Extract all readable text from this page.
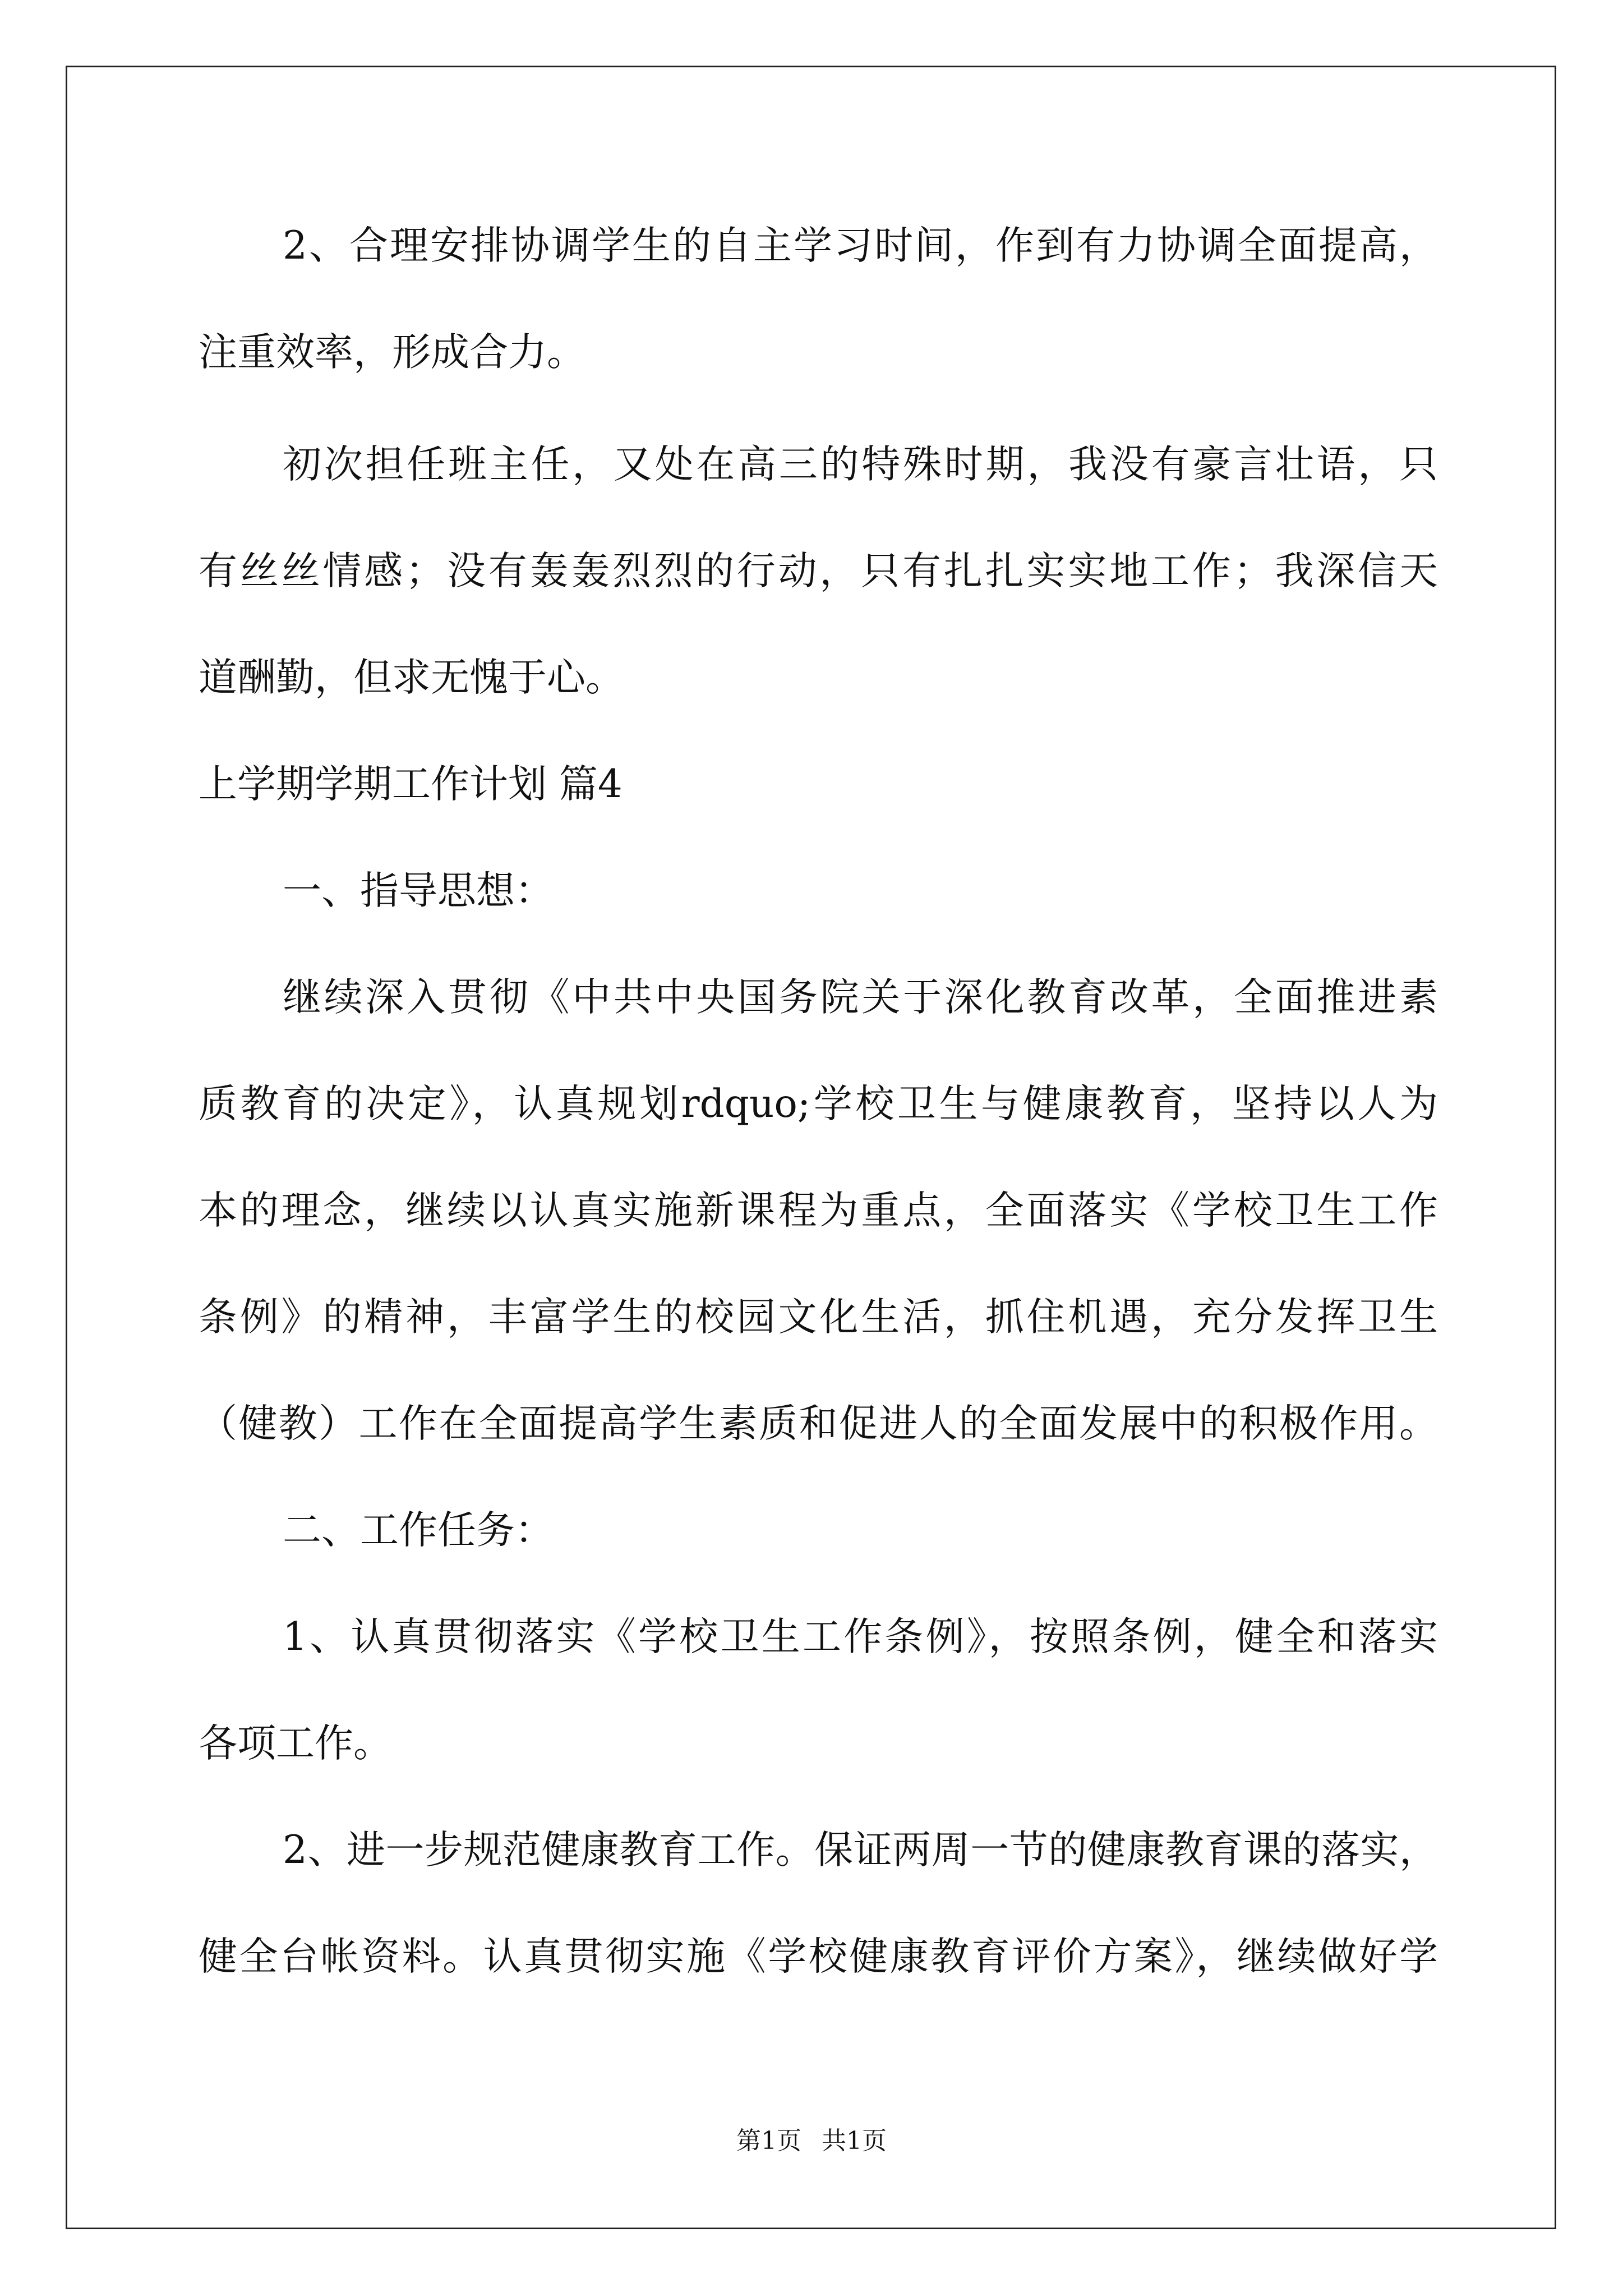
2、合理安排协调学生的自主学习时间，作到有力协调全面提高，
注重效率，形成合力。
初次担任班主任，又处在高三的特殊时期，我没有豪言壮语，只
有丝丝情感；没有轰轰烈烈的行动，只有扎扎实实地工作；我深信天
道酬勤，但求无愧于心。
上学期学期工作计划 篇4
一、指导思想：
继续深入贯彻《中共中央国务院关于深化教育改革，全面推进素
质教育的决定》，认真规划rdquo;学校卫生与健康教育，坚持以人为
本的理念，继续以认真实施新课程为重点，全面落实《学校卫生工作
条例》的精神，丰富学生的校园文化生活，抓住机遇，充分发挥卫生
（健教）工作在全面提高学生素质和促进人的全面发展中的积极作用。
二、工作任务：
1、认真贯彻落实《学校卫生工作条例》，按照条例，健全和落实
各项工作。
2、进一步规范健康教育工作。保证两周一节的健康教育课的落实，
健全台帐资料。认真贯彻实施《学校健康教育评价方案》，继续做好学
第1页 共1页
